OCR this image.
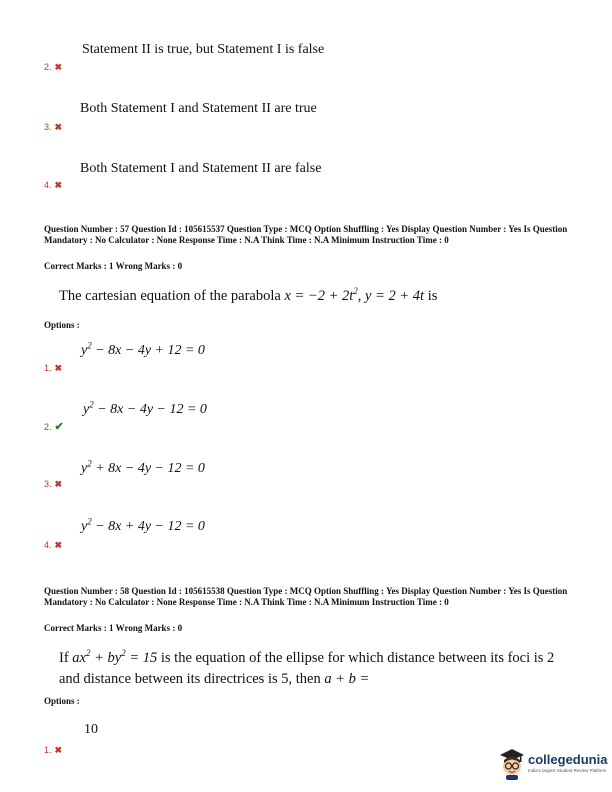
Statement II is true, but Statement I is false
2. ✖
Both Statement I and Statement II are true
3. ✖
Both Statement I and Statement II are false
4. ✖
Question Number : 57 Question Id : 105615537 Question Type : MCQ Option Shuffling : Yes Display Question Number : Yes Is Question Mandatory : No Calculator : None Response Time : N.A Think Time : N.A Minimum Instruction Time : 0
Correct Marks : 1 Wrong Marks : 0
The cartesian equation of the parabola $x = -2 + 2t^2$, y = 2 + 4t is
Options :
$y^2 - 8x - 4y + 12 = 0$
1. ✖
$y^2 - 8x - 4y - 12 = 0$
2. ✔
$y^2 + 8x - 4y - 12 = 0$
3. ✖
$y^2 - 8x + 4y - 12 = 0$
4. ✖
Question Number : 58 Question Id : 105615538 Question Type : MCQ Option Shuffling : Yes Display Question Number : Yes Is Question Mandatory : No Calculator : None Response Time : N.A Think Time : N.A Minimum Instruction Time : 0
Correct Marks : 1 Wrong Marks : 0
If $ax^2 + by^2 = 15$ is the equation of the ellipse for which distance between its foci is 2
and distance between its directrices is 5, then a + b =
Options :
10
1. ✖
collegedunia
India's largest Student Review Platform
